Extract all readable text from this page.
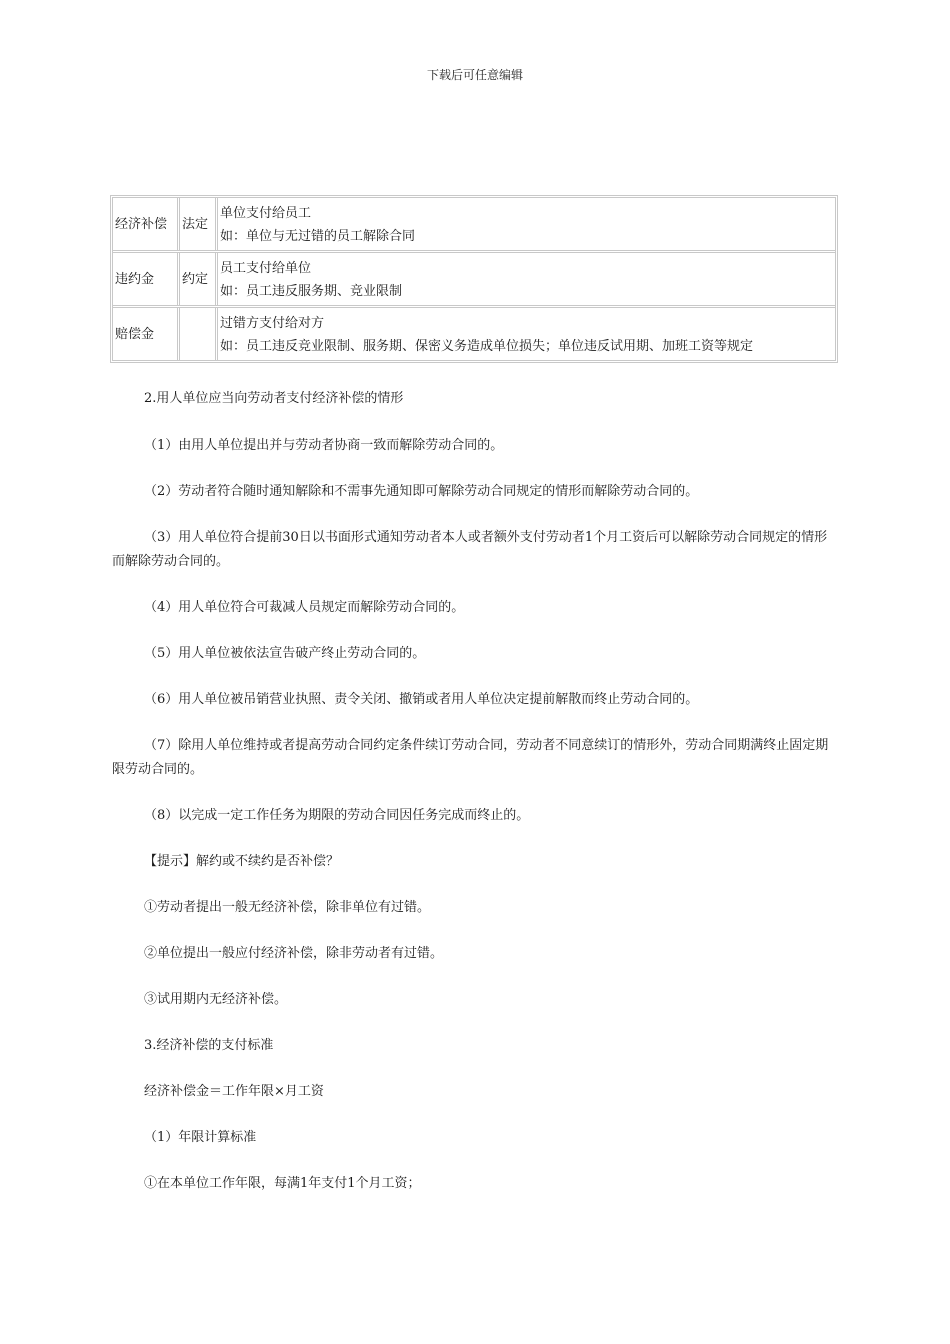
下载后可任意编辑
经济补偿	法定
单位支付给员工
如：单位与无过错的员工解除合同
违约金	约定
员工支付给单位
如：员工违反服务期、竞业限制
赔偿金
过错方支付给对方
如：员工违反竞业限制、服务期、保密义务造成单位损失；单位违反试用期、加班工资等规定

2.用人单位应当向劳动者支付经济补偿的情形

（1）由用人单位提出并与劳动者协商一致而解除劳动合同的。

（2）劳动者符合随时通知解除和不需事先通知即可解除劳动合同规定的情形而解除劳动合同的。

（3）用人单位符合提前30日以书面形式通知劳动者本人或者额外支付劳动者1个月工资后可以解除劳动合同规定的情形而解除劳动合同的。

（4）用人单位符合可裁减人员规定而解除劳动合同的。

（5）用人单位被依法宣告破产终止劳动合同的。

（6）用人单位被吊销营业执照、责令关闭、撤销或者用人单位决定提前解散而终止劳动合同的。

（7）除用人单位维持或者提高劳动合同约定条件续订劳动合同，劳动者不同意续订的情形外，劳动合同期满终止固定期限劳动合同的。

（8）以完成一定工作任务为期限的劳动合同因任务完成而终止的。

【提示】解约或不续约是否补偿？

①劳动者提出一般无经济补偿，除非单位有过错。

②单位提出一般应付经济补偿，除非劳动者有过错。

③试用期内无经济补偿。

3.经济补偿的支付标准

经济补偿金＝工作年限×月工资

（1）年限计算标准

①在本单位工作年限，每满1年支付1个月工资；
